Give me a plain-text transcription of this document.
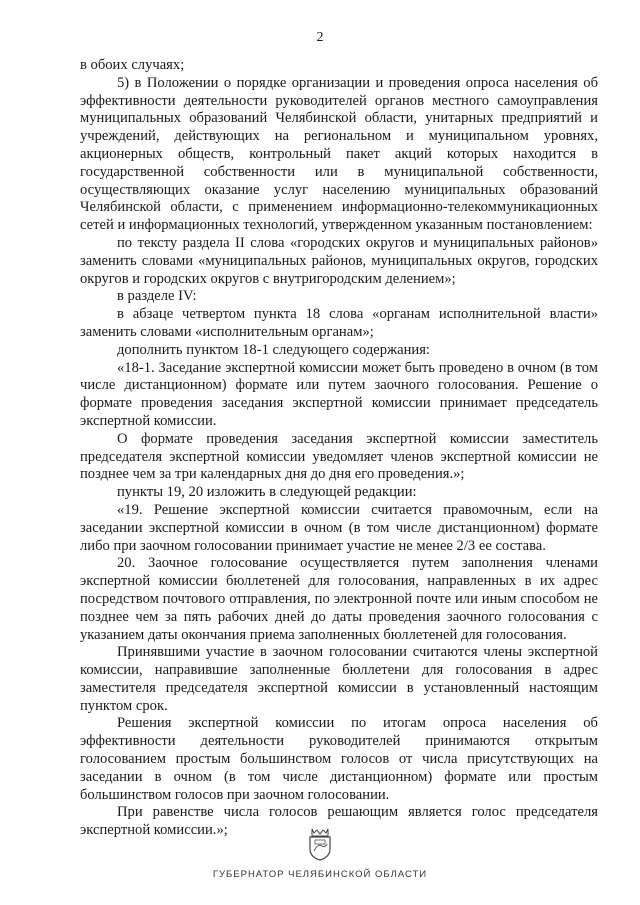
2

в обоих случаях;

5) в Положении о порядке организации и проведения опроса населения об эффективности деятельности руководителей органов местного самоуправления муниципальных образований Челябинской области, унитарных предприятий и учреждений, действующих на региональном и муниципальном уровнях, акционерных обществ, контрольный пакет акций которых находится в государственной собственности или в муниципальной собственности, осуществляющих оказание услуг населению муниципальных образований Челябинской области, с применением информационно-телекоммуникационных сетей и информационных технологий, утвержденном указанным постановлением:

по тексту раздела II слова «городских округов и муниципальных районов» заменить словами «муниципальных районов, муниципальных округов, городских округов и городских округов с внутригородским делением»;

в разделе IV:

в абзаце четвертом пункта 18 слова «органам исполнительной власти» заменить словами «исполнительным органам»;

дополнить пунктом 18-1 следующего содержания:

«18-1. Заседание экспертной комиссии может быть проведено в очном (в том числе дистанционном) формате или путем заочного голосования. Решение о формате проведения заседания экспертной комиссии принимает председатель экспертной комиссии.

О формате проведения заседания экспертной комиссии заместитель председателя экспертной комиссии уведомляет членов экспертной комиссии не позднее чем за три календарных дня до дня его проведения.»;

пункты 19, 20 изложить в следующей редакции:

«19. Решение экспертной комиссии считается правомочным, если на заседании экспертной комиссии в очном (в том числе дистанционном) формате либо при заочном голосовании принимает участие не менее 2/3 ее состава.

20. Заочное голосование осуществляется путем заполнения членами экспертной комиссии бюллетеней для голосования, направленных в их адрес посредством почтового отправления, по электронной почте или иным способом не позднее чем за пять рабочих дней до даты проведения заочного голосования с указанием даты окончания приема заполненных бюллетеней для голосования.

Принявшими участие в заочном голосовании считаются члены экспертной комиссии, направившие заполненные бюллетени для голосования в адрес заместителя председателя экспертной комиссии в установленный настоящим пунктом срок.

Решения экспертной комиссии по итогам опроса населения об эффективности деятельности руководителей принимаются открытым голосованием простым большинством голосов от числа присутствующих на заседании в очном (в том числе дистанционном) формате или простым большинством голосов при заочном голосовании.

При равенстве числа голосов решающим является голос председателя экспертной комиссии.»;

ГУБЕРНАТОР ЧЕЛЯБИНСКОЙ ОБЛАСТИ
